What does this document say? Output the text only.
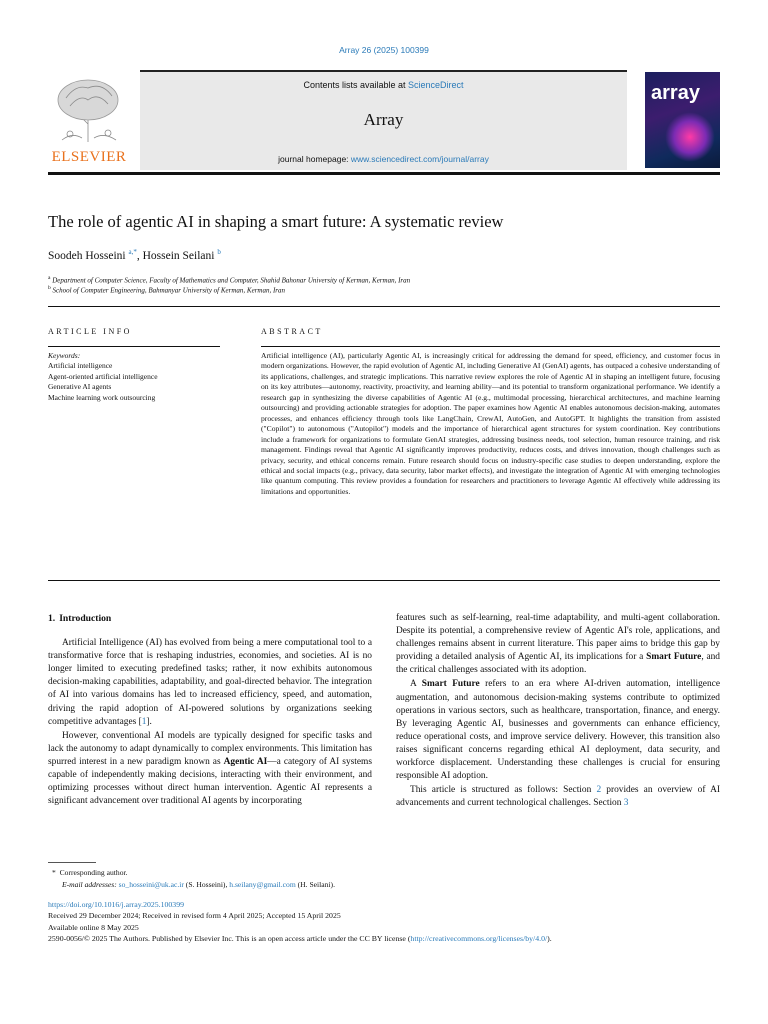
Array 26 (2025) 100399
ELSEVIER
Contents lists available at ScienceDirect
Array
journal homepage: www.sciencedirect.com/journal/array
array
The role of agentic AI in shaping a smart future: A systematic review
Soodeh Hosseini $^{a,*}$, Hossein Seilani $^b$
$^a$ Department of Computer Science, Faculty of Mathematics and Computer, Shahid Bahonar University of Kerman, Kerman, Iran
$^b$ School of Computer Engineering, Bahmanyar University of Kerman, Kerman, Iran
ARTICLE INFO	ABSTRACT
Keywords:
Artificial intelligence
Agent-oriented artificial intelligence
Generative AI agents
Machine learning work outsourcing
Artificial intelligence (AI), particularly Agentic AI, is increasingly critical for addressing the demand for speed, efficiency, and customer focus in modern organizations. However, the rapid evolution of Agentic AI, including Generative AI (GenAI) agents, has outpaced a cohesive understanding of its applications, challenges, and strategic implications. This narrative review explores the role of Agentic AI in shaping an intelligent future, focusing on its key attributes—autonomy, reactivity, proactivity, and learning ability—and its potential to transform organizational performance. We identify a research gap in synthesizing the diverse capabilities of Agentic AI (e.g., multimodal processing, hierarchical architectures, and machine learning outsourcing) and providing actionable strategies for adoption. The paper examines how Agentic AI enables autonomous decision-making, automates processes, and enhances efficiency through tools like LangChain, CrewAI, AutoGen, and AutoGPT. It highlights the transition from assisted ("Copilot") to autonomous ("Autopilot") models and the importance of hierarchical agent structures for system coordination. Key contributions include a framework for organizations to formulate GenAI strategies, addressing business needs, tool selection, human resource training, and risk management. Findings reveal that Agentic AI significantly improves productivity, reduces costs, and drives innovation, though challenges such as privacy, security, and ethical concerns remain. Future research should focus on industry-specific case studies to deepen understanding, explore the ethical and social impacts (e.g., privacy, data security, labor market effects), and investigate the integration of Agentic AI with emerging technologies like quantum computing. This review provides a foundation for researchers and practitioners to leverage Agentic AI effectively while addressing its limitations and opportunities.
1. Introduction

Artificial Intelligence (AI) has evolved from being a mere computational tool to a transformative force that is reshaping industries, economies, and societies. AI is no longer limited to executing predefined tasks; rather, it now exhibits autonomous decision-making capabilities, adaptability, and goal-directed behavior. The integration of AI into various domains has led to increased efficiency, speed, and automation, driving the rapid adoption of AI-powered solutions by organizations seeking competitive advantages [1].

However, conventional AI models are typically designed for specific tasks and lack the autonomy to adapt dynamically to complex environments. This limitation has spurred interest in a new paradigm known as Agentic AI—a category of AI systems capable of independently making decisions, interacting with their environment, and optimizing processes without direct human intervention. Agentic AI represents a significant advancement over traditional AI agents by incorporating

features such as self-learning, real-time adaptability, and multi-agent collaboration. Despite its potential, a comprehensive review of Agentic AI's role, applications, and challenges remains absent in current literature. This paper aims to bridge this gap by providing a detailed analysis of Agentic AI, its implications for a Smart Future, and the critical challenges associated with its adoption.

A Smart Future refers to an era where AI-driven automation, intelligence augmentation, and autonomous decision-making systems contribute to optimized operations in various sectors, such as healthcare, transportation, finance, and energy. By leveraging Agentic AI, businesses and governments can enhance efficiency, reduce operational costs, and improve service delivery. However, this transition also raises significant concerns regarding ethical AI deployment, data security, and workforce displacement. Understanding these challenges is crucial for ensuring responsible AI adoption.

This article is structured as follows: Section 2 provides an overview of AI advancements and current technological challenges. Section 3

*  Corresponding author.
E-mail addresses: so_hosseini@uk.ac.ir (S. Hosseini), h.seilany@gmail.com (H. Seilani).
https://doi.org/10.1016/j.array.2025.100399
Received 29 December 2024; Received in revised form 4 April 2025; Accepted 15 April 2025
Available online 8 May 2025
2590-0056/© 2025 The Authors. Published by Elsevier Inc. This is an open access article under the CC BY license (http://creativecommons.org/licenses/by/4.0/).
